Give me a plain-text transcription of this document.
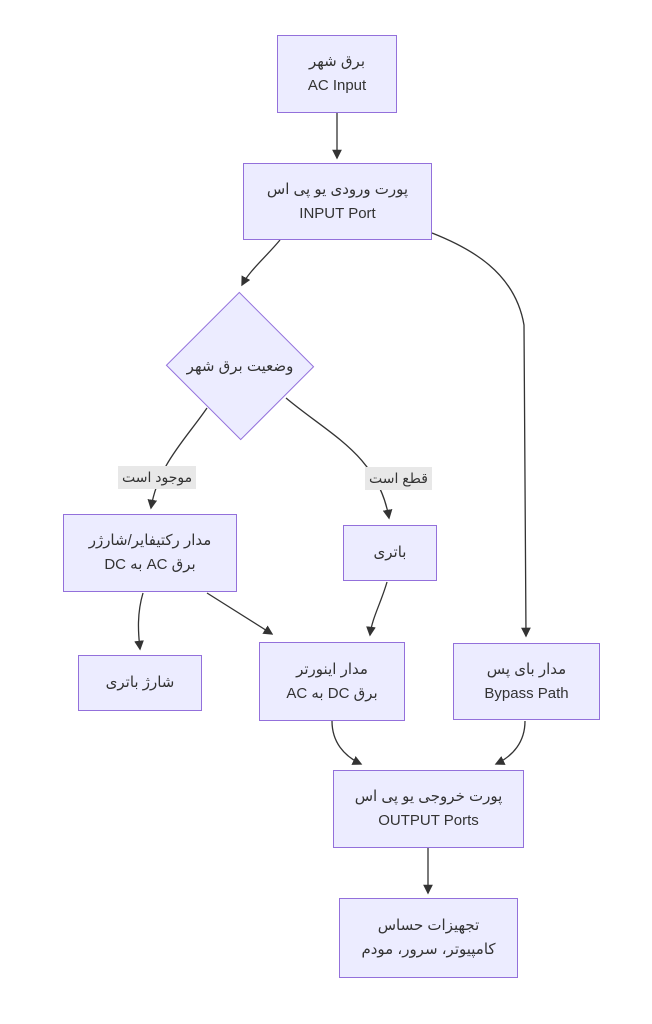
موجود است	قطع است
برق شهر
AC Input
پورت ورودی یو پی اس
INPUT Port
وضعیت برق شهر
مدار رکتیفایر/شارژر
برق AC به DC
باتری
شارژ باتری
مدار اینورتر
برق DC به AC
مدار بای پس
Bypass Path
پورت خروجی یو پی اس
OUTPUT Ports
تجهیزات حساس
کامپیوتر، سرور، مودم
